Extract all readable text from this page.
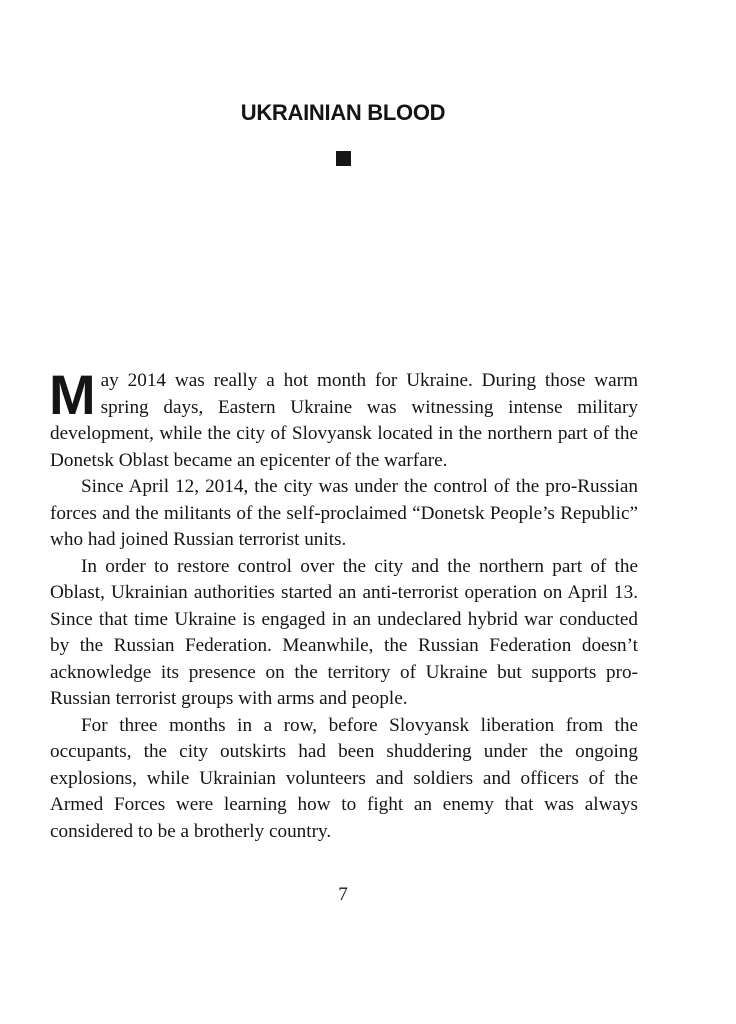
UKRAINIAN BLOOD

May 2014 was really a hot month for Ukraine. During those warm spring days, Eastern Ukraine was witnessing intense military development, while the city of Slovyansk located in the northern part of the Donetsk Oblast became an epicenter of the warfare.

Since April 12, 2014, the city was under the control of the pro-Russian forces and the militants of the self-proclaimed “Donetsk People’s Republic” who had joined Russian terrorist units.

In order to restore control over the city and the northern part of the Oblast, Ukrainian authorities started an anti-terrorist operation on April 13. Since that time Ukraine is engaged in an undeclared hybrid war conducted by the Russian Federation. Meanwhile, the Russian Federation doesn’t acknowledge its presence on the territory of Ukraine but supports pro-Russian terrorist groups with arms and people.

For three months in a row, before Slovyansk liberation from the occupants, the city outskirts had been shuddering under the ongoing explosions, while Ukrainian volunteers and soldiers and officers of the Armed Forces were learning how to fight an enemy that was always considered to be a brotherly country.

7
